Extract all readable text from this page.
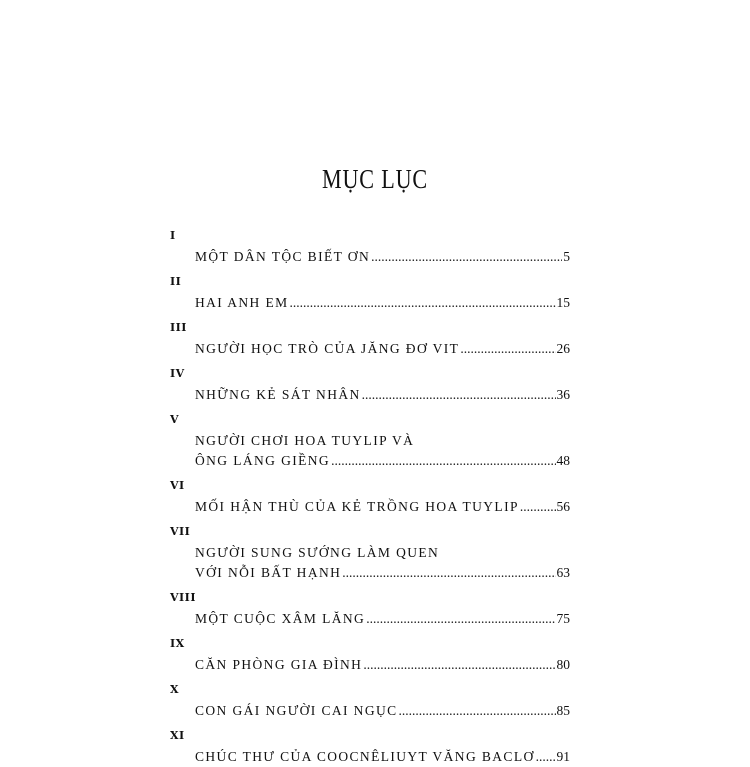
MỤC LỤC
I
MỘT DÂN TỘC BIẾT ƠN .....	5
II
HAI ANH EM .....	15
III
NGƯỜI HỌC TRÒ CỦA JĂNG ĐƠ VIT .....	26
IV
NHỮNG KẺ SÁT NHÂN .....	36
V
NGƯỜI CHƠI HOA TUYLIP VÀ
ÔNG LÁNG GIỀNG .....	48
VI
MỐI HẬN THÙ CỦA KẺ TRỒNG HOA TUYLIP .....	56
VII
NGƯỜI SUNG SƯỚNG LÀM QUEN
VỚI NỖI BẤT HẠNH .....	63
VIII
MỘT CUỘC XÂM LĂNG .....	75
IX
CĂN PHÒNG GIA ĐÌNH .....	80
X
CON GÁI NGƯỜI CAI NGỤC .....	85
XI
CHÚC THƯ CỦA COOCNÊLIUYT VĂNG BACLƠ ..... 91
